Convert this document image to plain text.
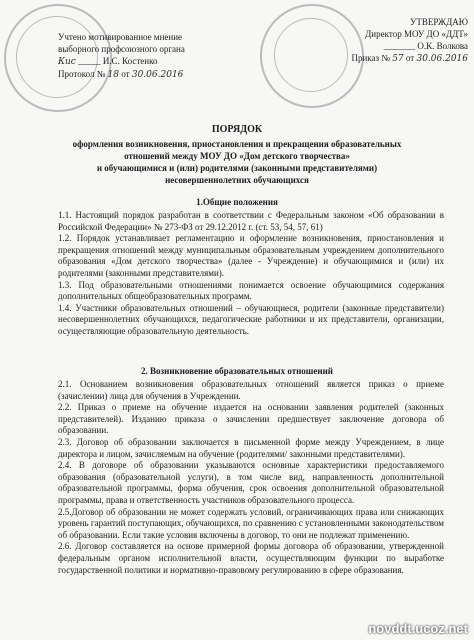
Учтено мотивированное мнение
выборного профсоюзного органа
Кис _____ И.С. Костенко
Протокол № 18 от 30.06.2016
УТВЕРЖДАЮ
Директор МОУ ДО «ДДТ»
_______ О.К. Волкова
Приказ № 57 от 30.06.2016
ПОРЯДОК
оформления возникновения, приостановления и прекращения образовательных
отношений между МОУ ДО «Дом детского творчества»
и обучающимися и (или) родителями (законными представителями)
несовершеннолетних обучающихся
1.Общие положения

1.1. Настоящий порядок разработан в соответствии с Федеральным законом «Об образовании в Российской Федерации» № 273-ФЗ от 29.12.2012 г. (ст. 53, 54, 57, 61)

1.2. Порядок устанавливает регламентацию и оформление возникновения, приостановления и прекращения отношений между муниципальным образовательным учреждением дополнительного образования «Дом детского творчества» (далее - Учреждение) и обучающимися и (или) их родителями (законными представителями).

1.3. Под образовательными отношениями понимается освоение обучающимися содержания дополнительных общеобразовательных программ.

1.4. Участники образовательных отношений – обучающиеся, родители (законные представители) несовершеннолетних обучающихся, педагогические работники и их представители, организации, осуществляющие образовательную деятельность.

2. Возникновение образовательных отношений

2.1. Основанием возникновения образовательных отношений является приказ о приеме (зачислении) лица для обучения в Учреждении.

2.2. Приказ о приеме на обучение издается на основании заявления родителей (законных представителей). Изданию приказа о зачислении предшествует заключение договора об образовании.

2.3. Договор об образовании заключается в письменной форме между Учреждением, в лице директора и лицом, зачисляемым на обучение (родителями/ законными представителями).

2.4. В договоре об образовании указываются основные характеристики предоставляемого образования (образовательной услуги), в том числе вид, направленность дополнительной образовательной программы, форма обучения, срок освоения дополнительной образовательной программы, права и ответственность участников образовательного процесса.

2.5.Договор об образовании не может содержать условий, ограничивающих права или снижающих уровень гарантий поступающих, обучающихся, по сравнению с установленными законодательством об образовании. Если такие условия включены в договор, то они не подлежат применению.

2.6. Договор составляется на основе примерной формы договора об образовании, утвержденной федеральным органом исполнительной власти, осуществляющим функции по выработке государственной политики и нормативно-правовому регулированию в сфере образования.

novddt.ucoz.net
